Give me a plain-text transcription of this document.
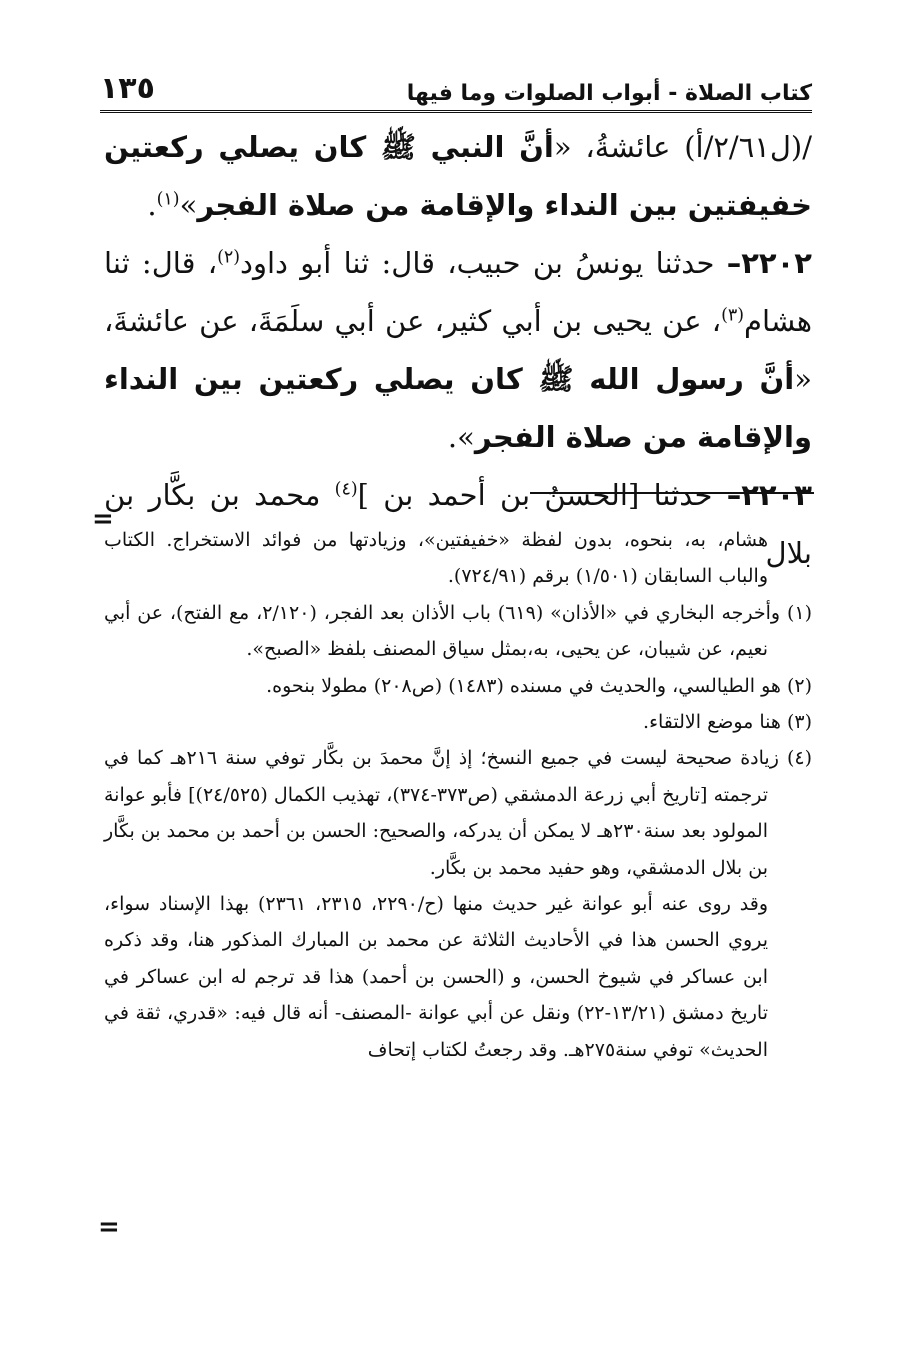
كتاب الصلاة - أبواب الصلوات وما فيها
١٣٥

/(ل٢/٦١/أ) عائشةُ، «أنَّ النبي ﷺ كان يصلي ركعتين خفيفتين بين النداء والإقامة من صلاة الفجر»$^{(١)}$.

٢٢٠٢– حدثنا يونسُ بن حبيب، قال: ثنا أبو داود$^{(٢)}$، قال: ثنا هشام$^{(٣)}$، عن يحيى بن أبي كثير، عن أبي سلَمَةَ، عن عائشةَ، «أنَّ رسول الله ﷺ كان يصلي ركعتين بين النداء والإقامة من صلاة الفجر».

٢٢٠٣– حدثنا [الحسنُ بن أحمد بن ]$^{(٤)}$ محمد بن بكَّار بن بلال

=

هشام، به، بنحوه، بدون لفظة «خفيفتين»، وزيادتها من فوائد الاستخراج. الكتاب والباب السابقان (١/٥٠١) برقم (٧٢٤/٩١).

(١) وأخرجه البخاري في «الأذان» (٦١٩) باب الأذان بعد الفجر، (٢/١٢٠، مع الفتح)، عن أبي نعيم، عن شيبان، عن يحيى، به،بمثل سياق المصنف بلفظ «الصبح».

(٢) هو الطيالسي، والحديث في مسنده (١٤٨٣) (ص٢٠٨) مطولا بنحوه.

(٣) هنا موضع الالتقاء.

(٤) زيادة صحيحة ليست في جميع النسخ؛ إذ إنَّ محمدَ بن بكَّار توفي سنة ٢١٦هـ كما في ترجمته [تاريخ أبي زرعة الدمشقي (ص٣٧٣-٣٧٤)، تهذيب الكمال (٢٤/٥٢٥)] فأبو عوانة المولود بعد سنة٢٣٠هـ لا يمكن أن يدركه، والصحيح: الحسن بن أحمد بن محمد بن بكَّار بن بلال الدمشقي، وهو حفيد محمد بن بكَّار.

وقد روى عنه أبو عوانة غير حديث منها (ح/٢٢٩٠، ٢٣١٥، ٢٣٦١) بهذا الإسناد سواء، يروي الحسن هذا في الأحاديث الثلاثة عن محمد بن المبارك المذكور هنا، وقد ذكره ابن عساكر في شيوخ الحسن، و (الحسن بن أحمد) هذا قد ترجم له ابن عساكر في تاريخ دمشق (١٣/٢١-٢٢) ونقل عن أبي عوانة -المصنف- أنه قال فيه: «قدري، ثقة في الحديث» توفي سنة٢٧٥هـ. وقد رجعتُ لكتاب إتحاف

=
